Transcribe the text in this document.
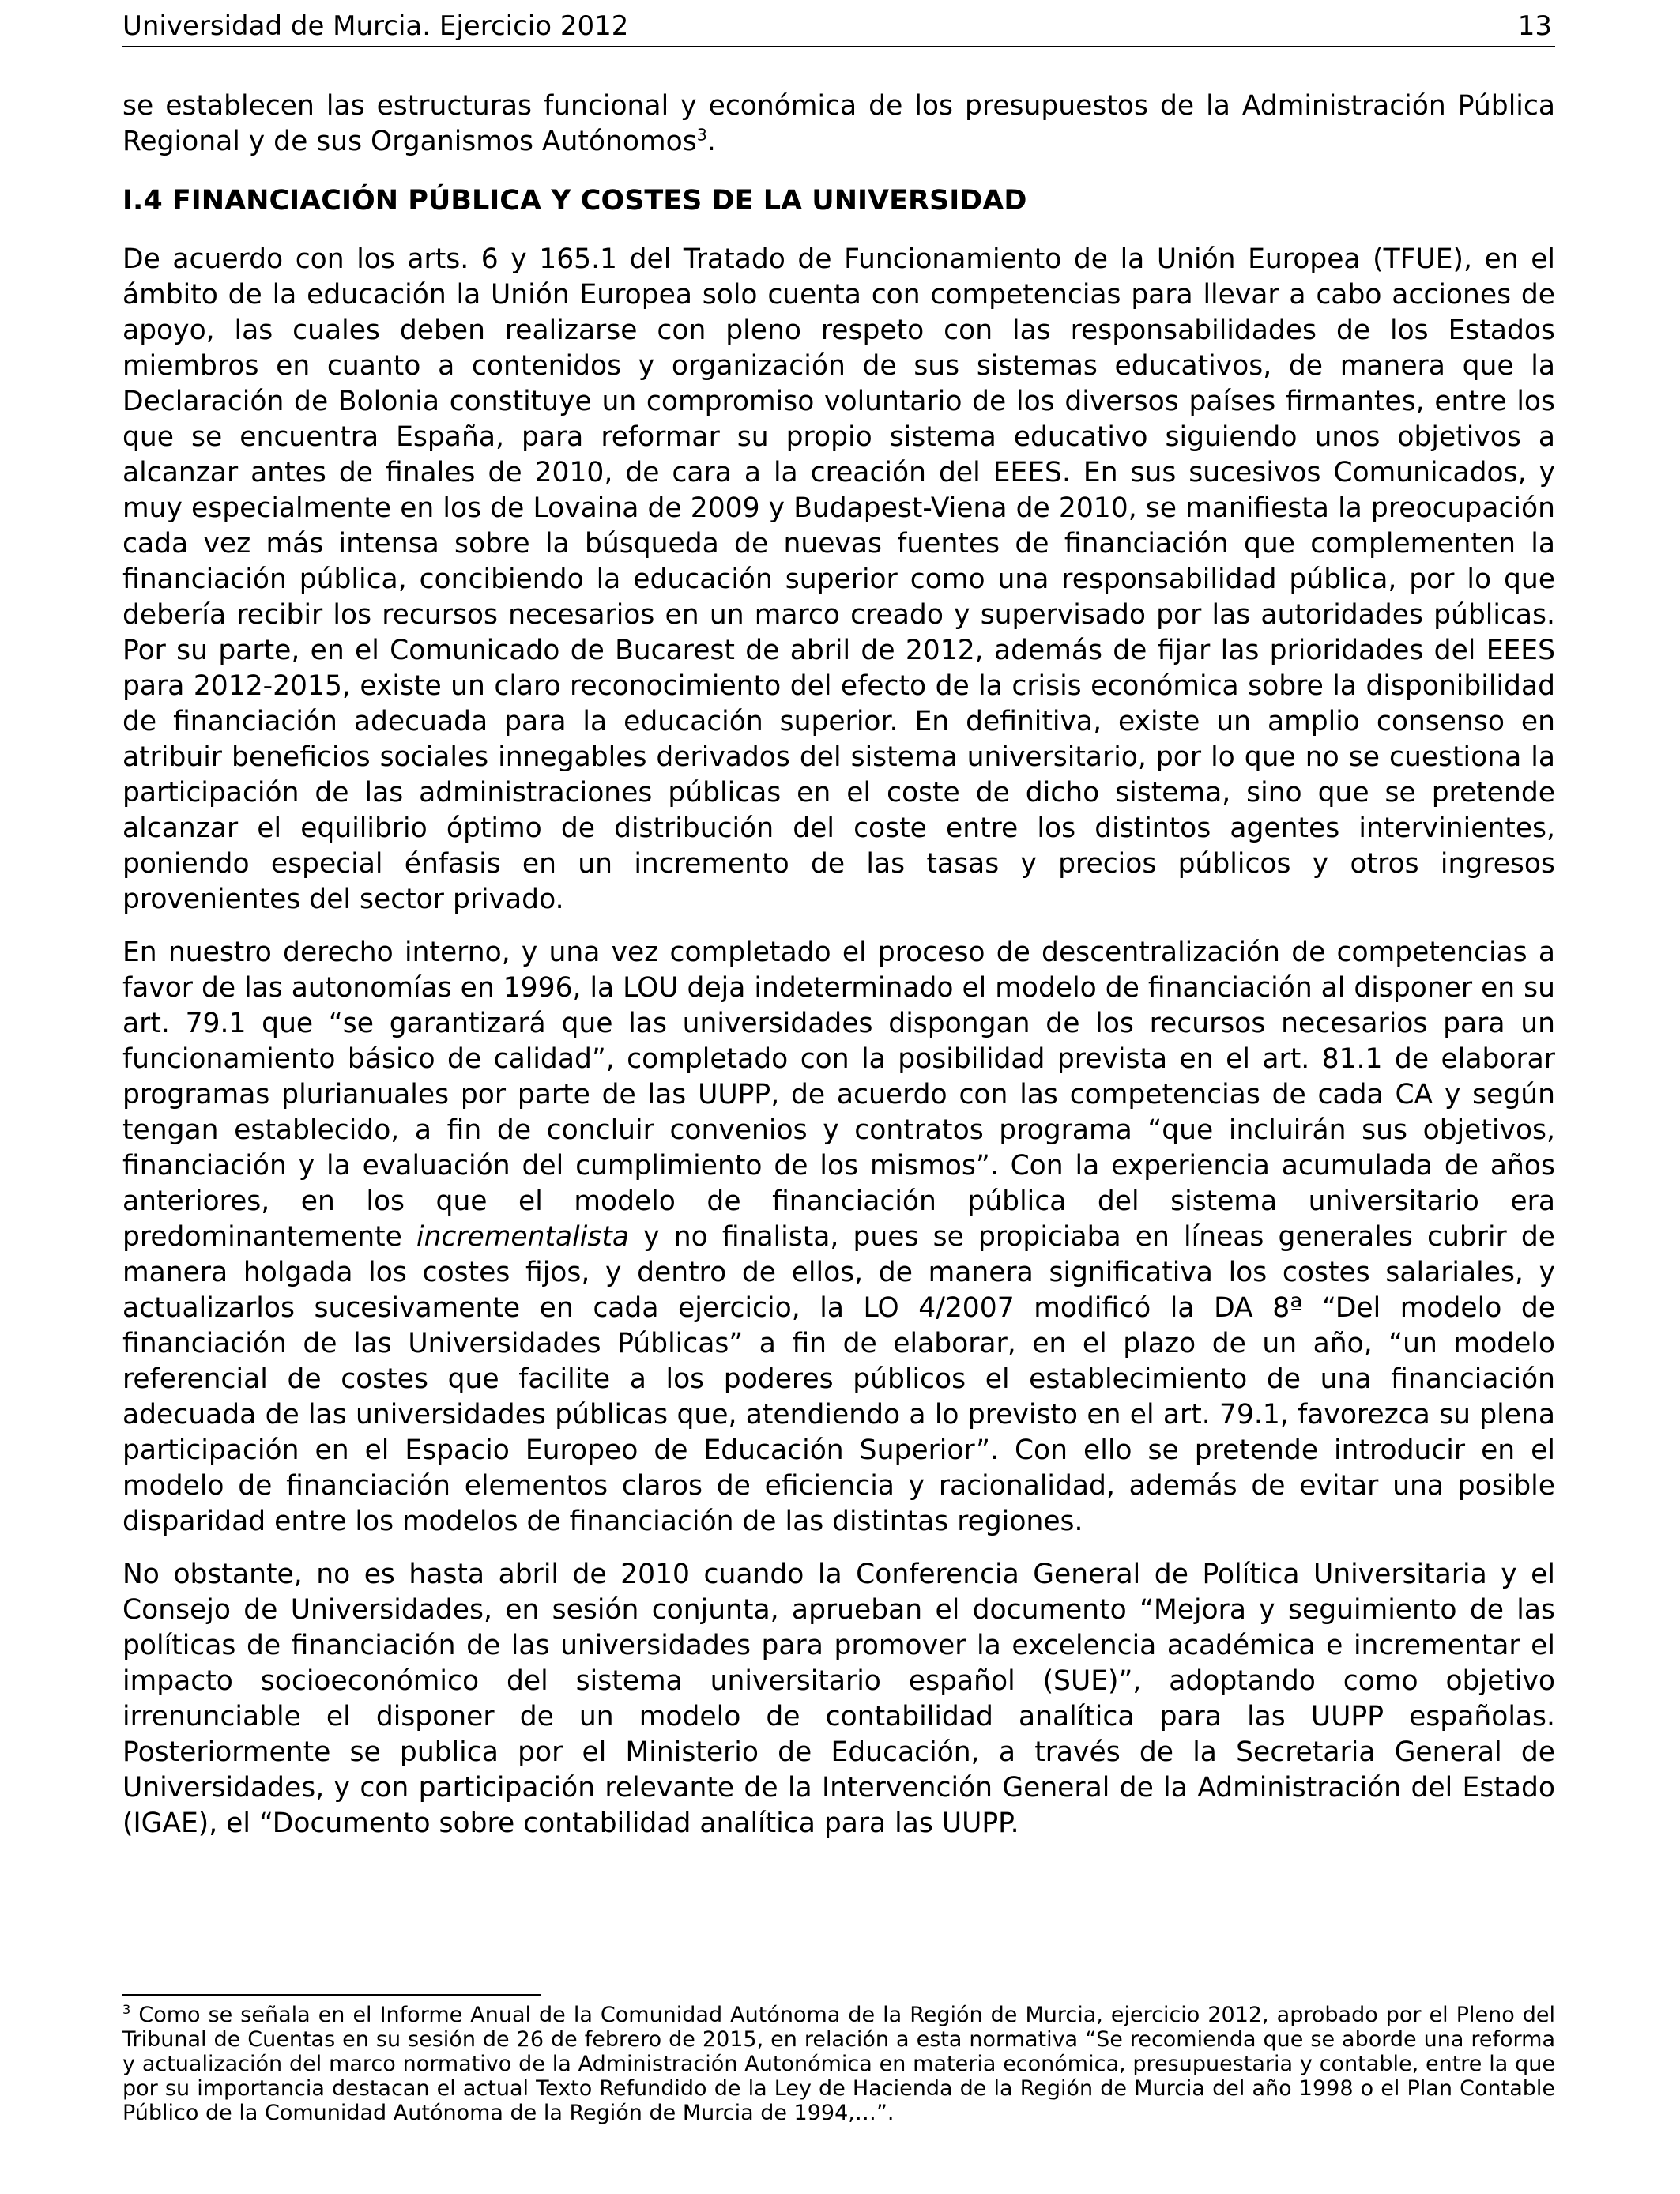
Universidad de Murcia. Ejercicio 2012	13

se establecen las estructuras funcional y económica de los presupuestos de la Administración Pública Regional y de sus Organismos Autónomos$^3$.

I.4 FINANCIACIÓN PÚBLICA Y COSTES DE LA UNIVERSIDAD

De acuerdo con los arts. 6 y 165.1 del Tratado de Funcionamiento de la Unión Europea (TFUE), en el ámbito de la educación la Unión Europea solo cuenta con competencias para llevar a cabo acciones de apoyo, las cuales deben realizarse con pleno respeto con las responsabilidades de los Estados miembros en cuanto a contenidos y organización de sus sistemas educativos, de manera que la Declaración de Bolonia constituye un compromiso voluntario de los diversos países firmantes, entre los que se encuentra España, para reformar su propio sistema educativo siguiendo unos objetivos a alcanzar antes de finales de 2010, de cara a la creación del EEES. En sus sucesivos Comunicados, y muy especialmente en los de Lovaina de 2009 y Budapest-Viena de 2010, se manifiesta la preocupación cada vez más intensa sobre la búsqueda de nuevas fuentes de financiación que complementen la financiación pública, concibiendo la educación superior como una responsabilidad pública, por lo que debería recibir los recursos necesarios en un marco creado y supervisado por las autoridades públicas. Por su parte, en el Comunicado de Bucarest de abril de 2012, además de fijar las prioridades del EEES para 2012-2015, existe un claro reconocimiento del efecto de la crisis económica sobre la disponibilidad de financiación adecuada para la educación superior. En definitiva, existe un amplio consenso en atribuir beneficios sociales innegables derivados del sistema universitario, por lo que no se cuestiona la participación de las administraciones públicas en el coste de dicho sistema, sino que se pretende alcanzar el equilibrio óptimo de distribución del coste entre los distintos agentes intervinientes, poniendo especial énfasis en un incremento de las tasas y precios públicos y otros ingresos provenientes del sector privado.

En nuestro derecho interno, y una vez completado el proceso de descentralización de competencias a favor de las autonomías en 1996, la LOU deja indeterminado el modelo de financiación al disponer en su art. 79.1 que “se garantizará que las universidades dispongan de los recursos necesarios para un funcionamiento básico de calidad”, completado con la posibilidad prevista en el art. 81.1 de elaborar programas plurianuales por parte de las UUPP, de acuerdo con las competencias de cada CA y según tengan establecido, a fin de concluir convenios y contratos programa “que incluirán sus objetivos, financiación y la evaluación del cumplimiento de los mismos”. Con la experiencia acumulada de años anteriores, en los que el modelo de financiación pública del sistema universitario era predominantemente incrementalista y no finalista, pues se propiciaba en líneas generales cubrir de manera holgada los costes fijos, y dentro de ellos, de manera significativa los costes salariales, y actualizarlos sucesivamente en cada ejercicio, la LO 4/2007 modificó la DA 8ª “Del modelo de financiación de las Universidades Públicas” a fin de elaborar, en el plazo de un año, “un modelo referencial de costes que facilite a los poderes públicos el establecimiento de una financiación adecuada de las universidades públicas que, atendiendo a lo previsto en el art. 79.1, favorezca su plena participación en el Espacio Europeo de Educación Superior”. Con ello se pretende introducir en el modelo de financiación elementos claros de eficiencia y racionalidad, además de evitar una posible disparidad entre los modelos de financiación de las distintas regiones.

No obstante, no es hasta abril de 2010 cuando la Conferencia General de Política Universitaria y el Consejo de Universidades, en sesión conjunta, aprueban el documento “Mejora y seguimiento de las políticas de financiación de las universidades para promover la excelencia académica e incrementar el impacto socioeconómico del sistema universitario español (SUE)”, adoptando como objetivo irrenunciable el disponer de un modelo de contabilidad analítica para las UUPP españolas. Posteriormente se publica por el Ministerio de Educación, a través de la Secretaria General de Universidades, y con participación relevante de la Intervención General de la Administración del Estado (IGAE), el “Documento sobre contabilidad analítica para las UUPP.

$^3$ Como se señala en el Informe Anual de la Comunidad Autónoma de la Región de Murcia, ejercicio 2012, aprobado por el Pleno del Tribunal de Cuentas en su sesión de 26 de febrero de 2015, en relación a esta normativa “Se recomienda que se aborde una reforma y actualización del marco normativo de la Administración Autonómica en materia económica, presupuestaria y contable, entre la que por su importancia destacan el actual Texto Refundido de la Ley de Hacienda de la Región de Murcia del año 1998 o el Plan Contable Público de la Comunidad Autónoma de la Región de Murcia de 1994,…”.
